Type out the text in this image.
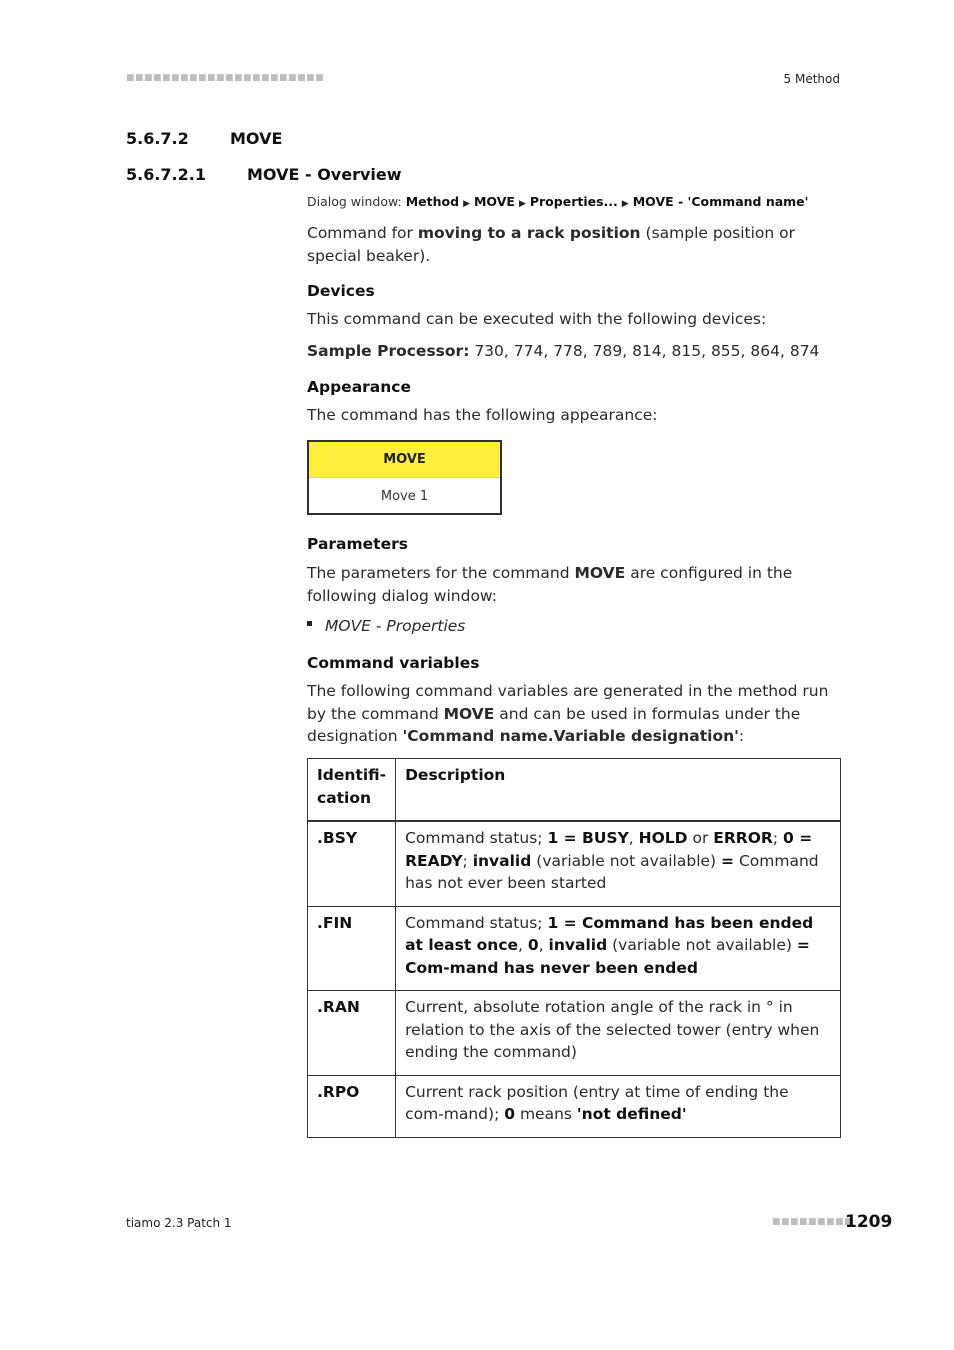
■■■■■■■■■■■■■■■■■■■■■■	5 Method
5.6.7.2	MOVE
5.6.7.2.1	MOVE - Overview
Dialog window: Method ▶ MOVE ▶ Properties... ▶ MOVE - 'Command name'

Command for moving to a rack position (sample position or special beaker).

Devices

This command can be executed with the following devices:

Sample Processor: 730, 774, 778, 789, 814, 815, 855, 864, 874

Appearance

The command has the following appearance:

MOVE
Move 1
Parameters

The parameters for the command MOVE are configured in the following dialog window:

MOVE - Properties
Command variables

The following command variables are generated in the method run by the command MOVE and can be used in formulas under the designation 'Command name.Variable designation':

Identifi-
cation	Description
.BSY	Command status; 1 = BUSY, HOLD or ERROR; 0 = READY; invalid (variable not available) = Command has not ever been started
.FIN	Command status; 1 = Command has been ended at least once, 0, invalid (variable not available) = Com-mand has never been ended
.RAN	Current, absolute rotation angle of the rack in ° in relation to the axis of the selected tower (entry when ending the command)
.RPO	Current rack position (entry at time of ending the com-mand); 0 means 'not defined'
tiamo 2.3 Patch 1	■■■■■■■■■
1209
